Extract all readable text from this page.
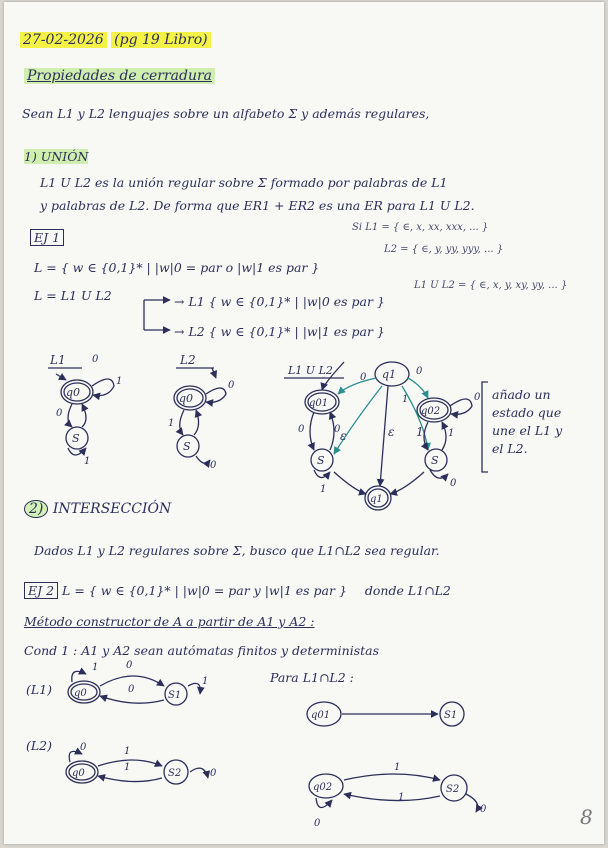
27-02-2026 (pg 19 Libro)
Propiedades de cerradura
Sean L1 y L2 lenguajes sobre un alfabeto Σ y además regulares,
1) UNIÓN
L1 U L2 es la unión regular sobre Σ formado por palabras de L1
y palabras de L2. De forma que ER1 + ER2 es una ER para L1 U L2.
EJ 1
Si L1 = { ∈, x, xx, xxx, ... }
L2 = { ∈, y, yy, yyy, ... }
L = { w ∈ {0,1}* | |w|0 = par o |w|1 es par }
L1 U L2 = { ∈, x, y, xy, yy, ... }
L = L1 U L2	→ L1 { w ∈ {0,1}* | |w|0 es par }
→ L2 { w ∈ {0,1}* | |w|1 es par }
añado un
estado que
une el L1 y
el L2.
2) INTERSECCIÓN
Dados L1 y L2 regulares sobre Σ, busco que L1∩L2 sea regular.
EJ 2 L = { w ∈ {0,1}* | |w|0 = par y |w|1 es par } donde L1∩L2
Método constructor de A a partir de A1 y A2 :
Cond 1 : A1 y A2 sean autómatas finitos y deterministas
Para L1∩L2 :
(L1)
(L2)
8
L1
q0
S
0
0
1
1
L2
q0
S
1
0
0
L1 U L2	q1
q01
q02
S	S
q1
ε	ε
0	0	1 1
0
0
0
1
1
0
q0	S1
0
0
1
1
q0	S2
1
1
0
0
q01	S1
q02	S2
1
1
0
0
